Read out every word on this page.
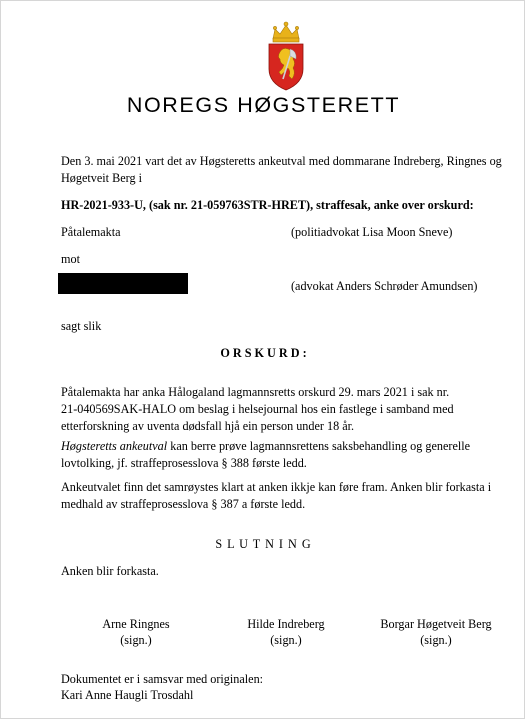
NOREGS HØGSTERETT
Den 3. mai 2021 vart det av Høgsteretts ankeutval med dommarane Indreberg, Ringnes og
Høgetveit Berg i
HR-2021-933-U, (sak nr. 21-059763STR-HRET), straffesak, anke over orskurd:
Påtalemakta	(politiadvokat Lisa Moon Sneve)
mot
(advokat Anders Schrøder Amundsen)
sagt slik
O R S K U R D :
Påtalemakta har anka Hålogaland lagmannsretts orskurd 29. mars 2021 i sak nr.
21-040569SAK-HALO om beslag i helsejournal hos ein fastlege i samband med
etterforskning av uventa dødsfall hjå ein person under 18 år.
Høgsteretts ankeutval kan berre prøve lagmannsrettens saksbehandling og generelle
lovtolking, jf. straffeprosesslova § 388 første ledd.
Ankeutvalet finn det samrøystes klart at anken ikkje kan føre fram. Anken blir forkasta i
medhald av straffeprosesslova § 387 a første ledd.
S L U T N I N G
Anken blir forkasta.
Arne Ringnes
(sign.)
Hilde Indreberg
(sign.)
Borgar Høgetveit Berg
(sign.)
Dokumentet er i samsvar med originalen:
Kari Anne Haugli Trosdahl
